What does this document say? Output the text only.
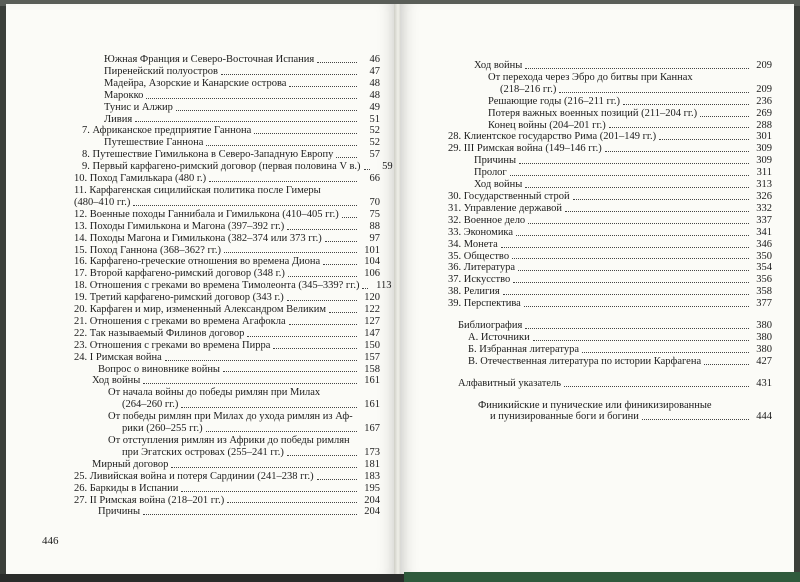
Южная Франция и Северо-Восточная Испания	46
Пиренейский полуостров	47
Мадейра, Азорские и Канарские острова	48
Марокко	48
Тунис и Алжир	49
Ливия	51
7. Африканское предприятие Ганнона	52
Путешествие Ганнона	52
8. Путешествие Гимилькона в Северо-Западную Европу	57
9. Первый карфагено-римский договор (первая половина V в.)	59
10. Поход Гамилькара (480 г.)	66
11. Карфагенская сицилийская политика после Гимеры
(480–410 гг.)	70
12. Военные походы Ганнибала и Гимилькона (410–405 гг.)	75
13. Походы Гимилькона и Магона (397–392 гг.)	88
14. Походы Магона и Гимилькона (382–374 или 373 гг.)	97
15. Поход Ганнона (368–362? гг.)	101
16. Карфагено-греческие отношения во времена Диона	104
17. Второй карфагено-римский договор (348 г.)	106
18. Отношения с греками во времена Тимолеонта (345–339? гг.)	113
19. Третий карфагено-римский договор (343 г.)	120
20. Карфаген и мир, измененный Александром Великим	122
21. Отношения с греками во времена Агафокла	127
22. Так называемый Филинов договор	147
23. Отношения с греками во времена Пирра	150
24. I Римская война	157
Вопрос о виновнике войны	158
Ход войны	161
От начала войны до победы римлян при Милах
(264–260 гг.)	161
От победы римлян при Милах до ухода римлян из Аф-
рики (260–255 гг.)	167
От отступления римлян из Африки до победы римлян
при Эгатских островах (255–241 гг.)	173
Мирный договор	181
25. Ливийская война и потеря Сардинии (241–238 гг.)	183
26. Баркиды в Испании	195
27. II Римская война (218–201 гг.)	204
Причины	204
446
Ход войны	209
От перехода через Эбро до битвы при Каннах
(218–216 гг.)	209
Решающие годы (216–211 гг.)	236
Потеря важных военных позиций (211–204 гг.)	269
Конец войны (204–201 гг.)	288
28. Клиентское государство Рима (201–149 гг.)	301
29. III Римская война (149–146 гг.)	309
Причины	309
Пролог	311
Ход войны	313
30. Государственный строй	326
31. Управление державой	332
32. Военное дело	337
33. Экономика	341
34. Монета	346
35. Общество	350
36. Литература	354
37. Искусство	356
38. Религия	358
39. Перспектива	377
Библиография	380
А. Источники	380
Б. Избранная литература	380
В. Отечественная литература по истории Карфагена	427
Алфавитный указатель	431
Финикийские и пунические или финикизированные
и пунизированные боги и богини	444
